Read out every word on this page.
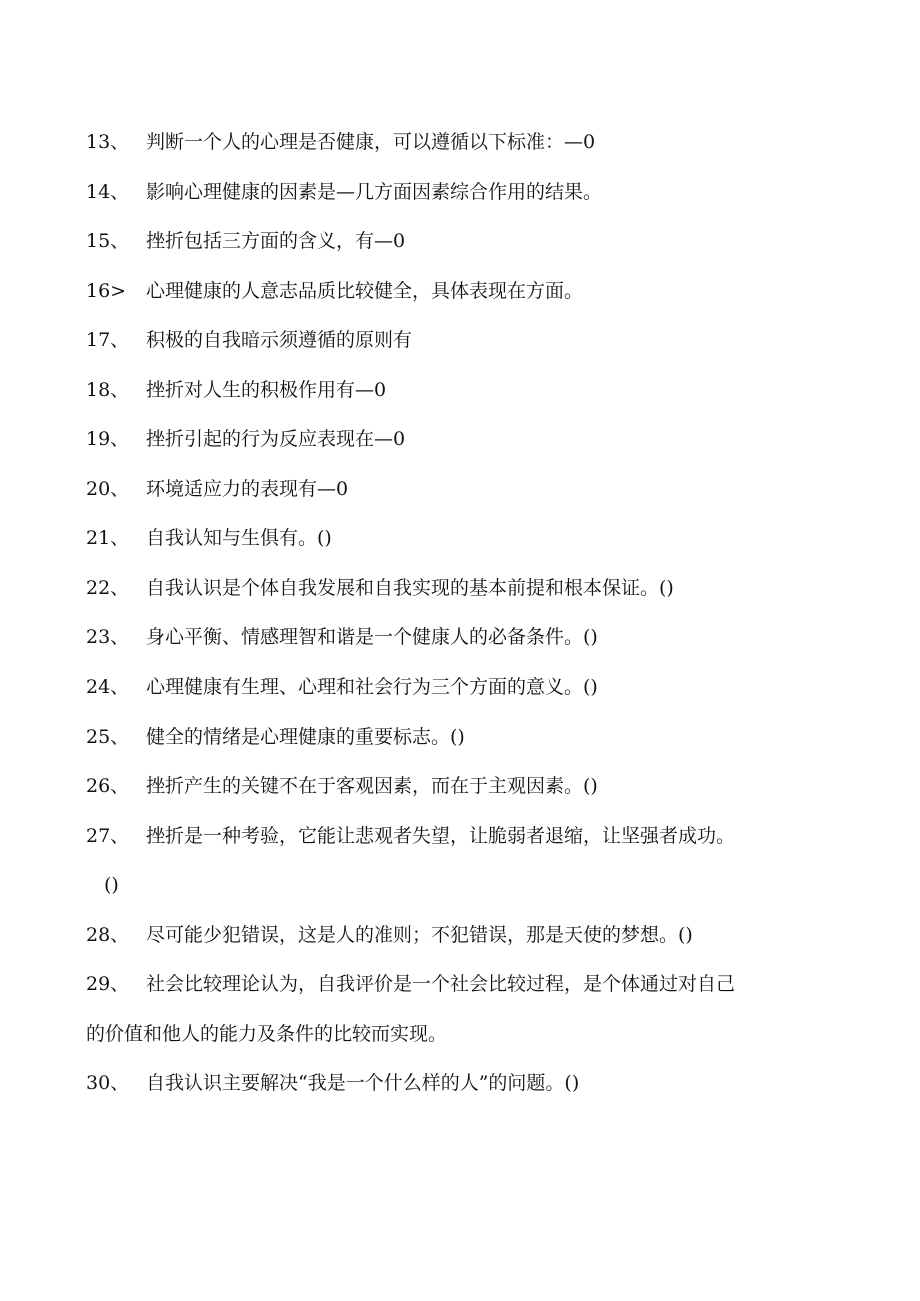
13、 判断一个人的心理是否健康，可以遵循以下标准：—0
14、 影响心理健康的因素是—几方面因素综合作用的结果。
15、 挫折包括三方面的含义，有—0
16> 心理健康的人意志品质比较健全，具体表现在方面。
17、 积极的自我暗示须遵循的原则有
18、 挫折对人生的积极作用有—0
19、 挫折引起的行为反应表现在—0
20、 环境适应力的表现有—0
21、 自我认知与生俱有。()
22、 自我认识是个体自我发展和自我实现的基本前提和根本保证。()
23、 身心平衡、情感理智和谐是一个健康人的必备条件。()
24、 心理健康有生理、心理和社会行为三个方面的意义。()
25、 健全的情绪是心理健康的重要标志。()
26、 挫折产生的关键不在于客观因素，而在于主观因素。()
27、 挫折是一种考验，它能让悲观者失望，让脆弱者退缩，让坚强者成功。
()
28、 尽可能少犯错误，这是人的准则；不犯错误，那是天使的梦想。()
29、 社会比较理论认为，自我评价是一个社会比较过程，是个体通过对自己
的价值和他人的能力及条件的比较而实现。
30、 自我认识主要解决“我是一个什么样的人”的问题。()
